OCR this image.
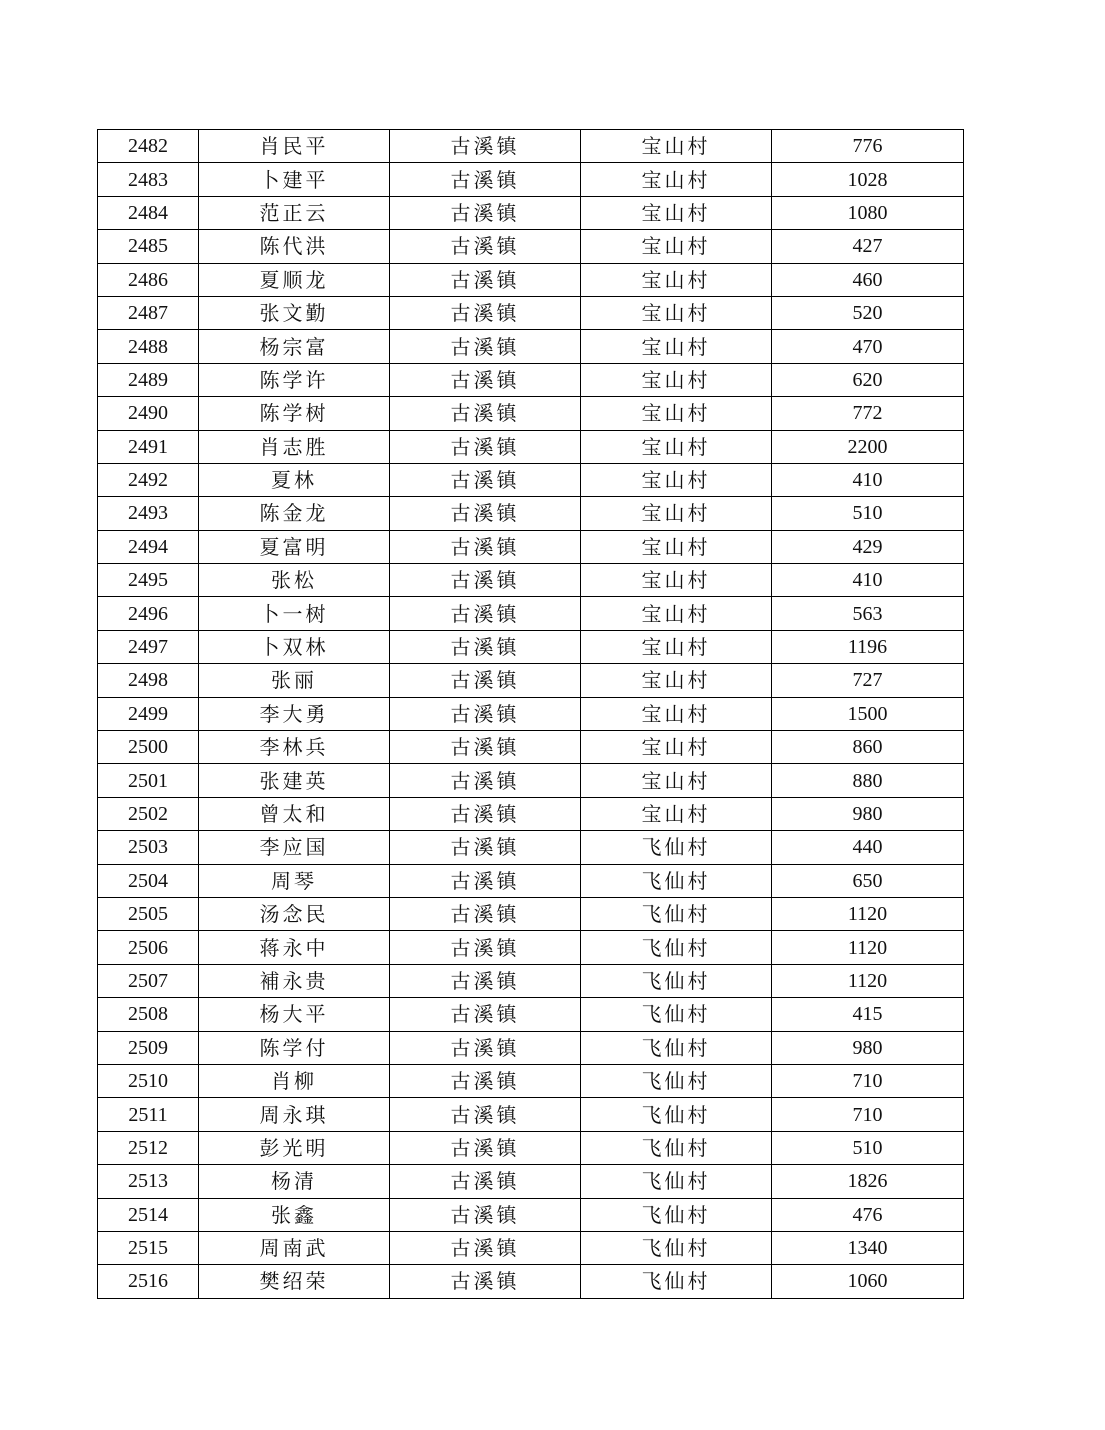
2482	肖民平	古溪镇	宝山村	776
2483	卜建平	古溪镇	宝山村	1028
2484	范正云	古溪镇	宝山村	1080
2485	陈代洪	古溪镇	宝山村	427
2486	夏顺龙	古溪镇	宝山村	460
2487	张文勤	古溪镇	宝山村	520
2488	杨宗富	古溪镇	宝山村	470
2489	陈学许	古溪镇	宝山村	620
2490	陈学树	古溪镇	宝山村	772
2491	肖志胜	古溪镇	宝山村	2200
2492	夏林	古溪镇	宝山村	410
2493	陈金龙	古溪镇	宝山村	510
2494	夏富明	古溪镇	宝山村	429
2495	张松	古溪镇	宝山村	410
2496	卜一树	古溪镇	宝山村	563
2497	卜双林	古溪镇	宝山村	1196
2498	张丽	古溪镇	宝山村	727
2499	李大勇	古溪镇	宝山村	1500
2500	李林兵	古溪镇	宝山村	860
2501	张建英	古溪镇	宝山村	880
2502	曾太和	古溪镇	宝山村	980
2503	李应国	古溪镇	飞仙村	440
2504	周琴	古溪镇	飞仙村	650
2505	汤念民	古溪镇	飞仙村	1120
2506	蒋永中	古溪镇	飞仙村	1120
2507	補永贵	古溪镇	飞仙村	1120
2508	杨大平	古溪镇	飞仙村	415
2509	陈学付	古溪镇	飞仙村	980
2510	肖柳	古溪镇	飞仙村	710
2511	周永琪	古溪镇	飞仙村	710
2512	彭光明	古溪镇	飞仙村	510
2513	杨清	古溪镇	飞仙村	1826
2514	张鑫	古溪镇	飞仙村	476
2515	周南武	古溪镇	飞仙村	1340
2516	樊绍荣	古溪镇	飞仙村	1060
